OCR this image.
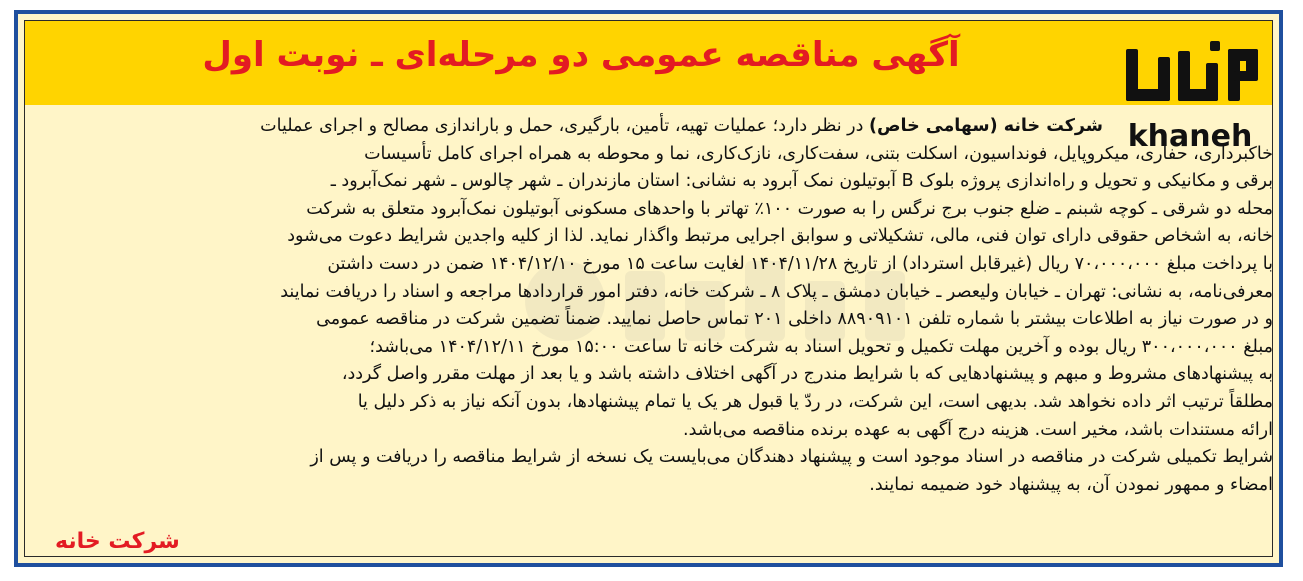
آگهی مناقصه عمومی دو مرحله‌ای ـ نوبت اول
khaneh

شرکت خانه (سهامی خاص) در نظر دارد؛ عملیات تهیه، تأمین، بارگیری، حمل و باراندازی مصالح و اجرای عملیات

خاکبرداری، حفاری، میکروپایل، فونداسیون، اسکلت بتنی، سفت‌کاری، نازک‌کاری، نما و محوطه به همراه اجرای کامل تأسیسات

برقی و مکانیکی و تحویل و راه‌اندازی پروژه بلوک B آبوتیلون نمک آبرود به نشانی: استان مازندران ـ شهر چالوس ـ شهر نمک‌آبرود ـ

محله دو شرقی ـ کوچه شبنم ـ ضلع جنوب برج نرگس را به صورت ۱۰۰٪ تهاتر با واحدهای مسکونی آبوتیلون نمک‌آبرود متعلق به شرکت

خانه، به اشخاص حقوقی دارای توان فنی، مالی، تشکیلاتی و سوابق اجرایی مرتبط واگذار نماید. لذا از کلیه واجدین شرایط دعوت می‌شود

با پرداخت مبلغ ۷۰،۰۰۰،۰۰۰ ریال (غیرقابل استرداد) از تاریخ ۱۴۰۴/۱۱/۲۸ لغایت ساعت ۱۵ مورخ ۱۴۰۴/۱۲/۱۰ ضمن در دست داشتن

معرفی‌نامه، به نشانی: تهران ـ خیابان ولیعصر ـ خیابان دمشق ـ پلاک ۸ ـ شرکت خانه، دفتر امور قراردادها مراجعه و اسناد را دریافت نمایند

و در صورت نیاز به اطلاعات بیشتر با شماره تلفن ۸۸۹۰۹۱۰۱ داخلی ۲۰۱ تماس حاصل نمایید. ضمناً تضمین شرکت در مناقصه عمومی

مبلغ ۳۰۰،۰۰۰،۰۰۰ ریال بوده و آخرین مهلت تکمیل و تحویل اسناد به شرکت خانه تا ساعت ۱۵:۰۰ مورخ ۱۴۰۴/۱۲/۱۱ می‌باشد؛

به پیشنهادهای مشروط و مبهم و پیشنهادهایی که با شرایط مندرج در آگهی اختلاف داشته باشد و یا بعد از مهلت مقرر واصل گردد،

مطلقاً ترتیب اثر داده نخواهد شد. بدیهی است، این شرکت، در ردّ یا قبول هر یک یا تمام پیشنهادها، بدون آنکه نیاز به ذکر دلیل یا

ارائه مستندات باشد، مخیر است. هزینه درج آگهی به عهده برنده مناقصه می‌باشد.

شرایط تکمیلی شرکت در مناقصه در اسناد موجود است و پیشنهاد دهندگان می‌بایست یک نسخه از شرایط مناقصه را دریافت و پس از

امضاء و ممهور نمودن آن، به پیشنهاد خود ضمیمه نمایند.

شرکت خانه
